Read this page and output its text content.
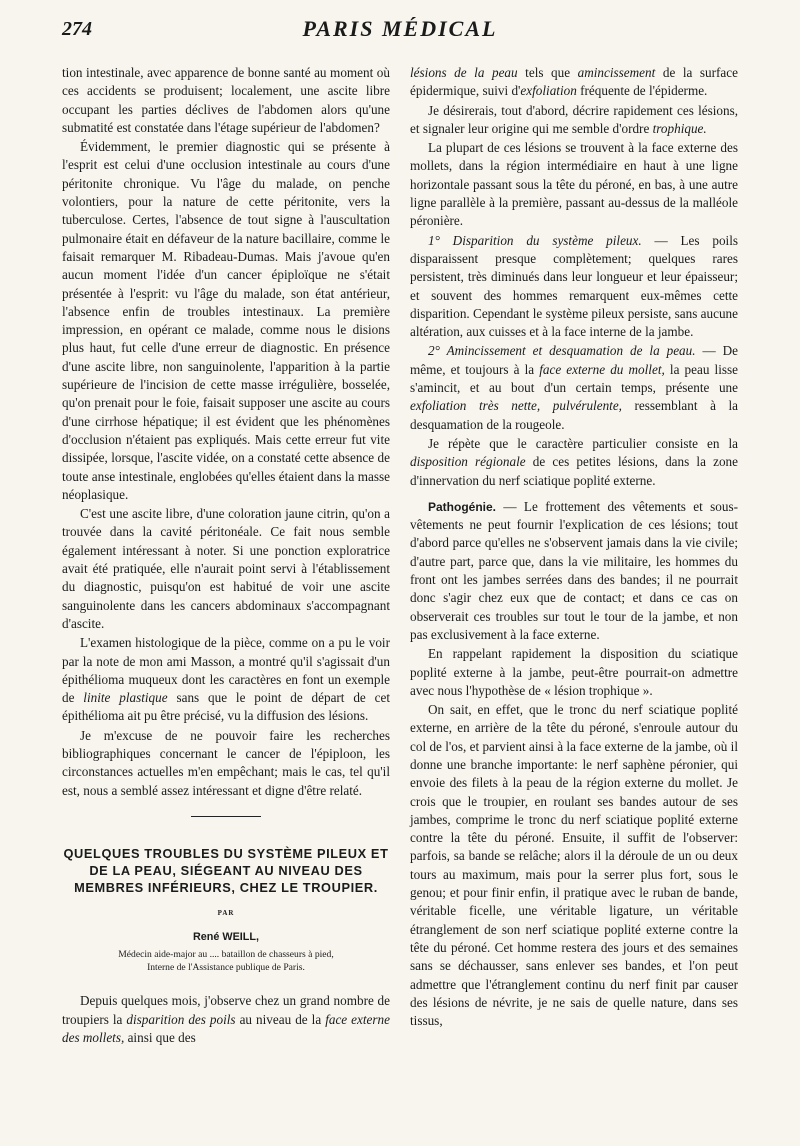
274	PARIS MÉDICAL

tion intestinale, avec apparence de bonne santé au moment où ces accidents se produisent; localement, une ascite libre occupant les parties déclives de l'abdomen alors qu'une submatité est constatée dans l'étage supérieur de l'abdomen?

Évidemment, le premier diagnostic qui se présente à l'esprit est celui d'une occlusion intestinale au cours d'une péritonite chronique. Vu l'âge du malade, on penche volontiers, pour la nature de cette péritonite, vers la tuberculose. Certes, l'absence de tout signe à l'auscultation pulmonaire était en défaveur de la nature bacillaire, comme le faisait remarquer M. Ribadeau-Dumas. Mais j'avoue qu'en aucun moment l'idée d'un cancer épiploïque ne s'était présentée à l'esprit: vu l'âge du malade, son état antérieur, l'absence enfin de troubles intestinaux. La première impression, en opérant ce malade, comme nous le disions plus haut, fut celle d'une erreur de diagnostic. En présence d'une ascite libre, non sanguinolente, l'apparition à la partie supérieure de l'incision de cette masse irrégulière, bosselée, qu'on prenait pour le foie, faisait supposer une ascite au cours d'une cirrhose hépatique; il est évident que les phénomènes d'occlusion n'étaient pas expliqués. Mais cette erreur fut vite dissipée, lorsque, l'ascite vidée, on a constaté cette absence de toute anse intestinale, englobées qu'elles étaient dans la masse néoplasique.

C'est une ascite libre, d'une coloration jaune citrin, qu'on a trouvée dans la cavité péritonéale. Ce fait nous semble également intéressant à noter. Si une ponction exploratrice avait été pratiquée, elle n'aurait point servi à l'établissement du diagnostic, puisqu'on est habitué de voir une ascite sanguinolente dans les cancers abdominaux s'accompagnant d'ascite.

L'examen histologique de la pièce, comme on a pu le voir par la note de mon ami Masson, a montré qu'il s'agissait d'un épithélioma muqueux dont les caractères en font un exemple de linite plastique sans que le point de départ de cet épithélioma ait pu être précisé, vu la diffusion des lésions.

Je m'excuse de ne pouvoir faire les recherches bibliographiques concernant le cancer de l'épiploon, les circonstances actuelles m'en empêchant; mais le cas, tel qu'il est, nous a semblé assez intéressant et digne d'être relaté.

QUELQUES TROUBLES DU SYSTÈME PILEUX ET DE LA PEAU, SIÉGEANT AU NIVEAU DES MEMBRES INFÉRIEURS, CHEZ LE TROUPIER.
PAR
René WEILL,

Médecin aide-major au .... bataillon de chasseurs à pied,

Interne de l'Assistance publique de Paris.

Depuis quelques mois, j'observe chez un grand nombre de troupiers la disparition des poils au niveau de la face externe des mollets, ainsi que des

lésions de la peau tels que amincissement de la surface épidermique, suivi d'exfoliation fréquente de l'épiderme.

Je désirerais, tout d'abord, décrire rapidement ces lésions, et signaler leur origine qui me semble d'ordre trophique.

La plupart de ces lésions se trouvent à la face externe des mollets, dans la région intermédiaire en haut à une ligne horizontale passant sous la tête du péroné, en bas, à une autre ligne parallèle à la première, passant au-dessus de la malléole péronière.

1° Disparition du système pileux. — Les poils disparaissent presque complètement; quelques rares persistent, très diminués dans leur longueur et leur épaisseur; et souvent des hommes remarquent eux-mêmes cette disparition. Cependant le système pileux persiste, sans aucune altération, aux cuisses et à la face interne de la jambe.

2° Amincissement et desquamation de la peau. — De même, et toujours à la face externe du mollet, la peau lisse s'amincit, et au bout d'un certain temps, présente une exfoliation très nette, pulvérulente, ressemblant à la desquamation de la rougeole.

Je répète que le caractère particulier consiste en la disposition régionale de ces petites lésions, dans la zone d'innervation du nerf sciatique poplité externe.

Pathogénie. — Le frottement des vêtements et sous-vêtements ne peut fournir l'explication de ces lésions; tout d'abord parce qu'elles ne s'observent jamais dans la vie civile; d'autre part, parce que, dans la vie militaire, les hommes du front ont les jambes serrées dans des bandes; il ne pourrait donc s'agir chez eux que de contact; et dans ce cas on observerait ces troubles sur tout le tour de la jambe, et non pas exclusivement à la face externe.

En rappelant rapidement la disposition du sciatique poplité externe à la jambe, peut-être pourrait-on admettre avec nous l'hypothèse de « lésion trophique ».

On sait, en effet, que le tronc du nerf sciatique poplité externe, en arrière de la tête du péroné, s'enroule autour du col de l'os, et parvient ainsi à la face externe de la jambe, où il donne une branche importante: le nerf saphène péronier, qui envoie des filets à la peau de la région externe du mollet. Je crois que le troupier, en roulant ses bandes autour de ses jambes, comprime le tronc du nerf sciatique poplité externe contre la tête du péroné. Ensuite, il suffit de l'observer: parfois, sa bande se relâche; alors il la déroule de un ou deux tours au maximum, mais pour la serrer plus fort, sous le genou; et pour finir enfin, il pratique avec le ruban de bande, véritable ficelle, une véritable ligature, un véritable étranglement de son nerf sciatique poplité externe contre la tête du péroné. Cet homme restera des jours et des semaines sans se déchausser, sans enlever ses bandes, et l'on peut admettre que l'étranglement continu du nerf finit par causer des lésions de névrite, je ne sais de quelle nature, dans ses tissus,
